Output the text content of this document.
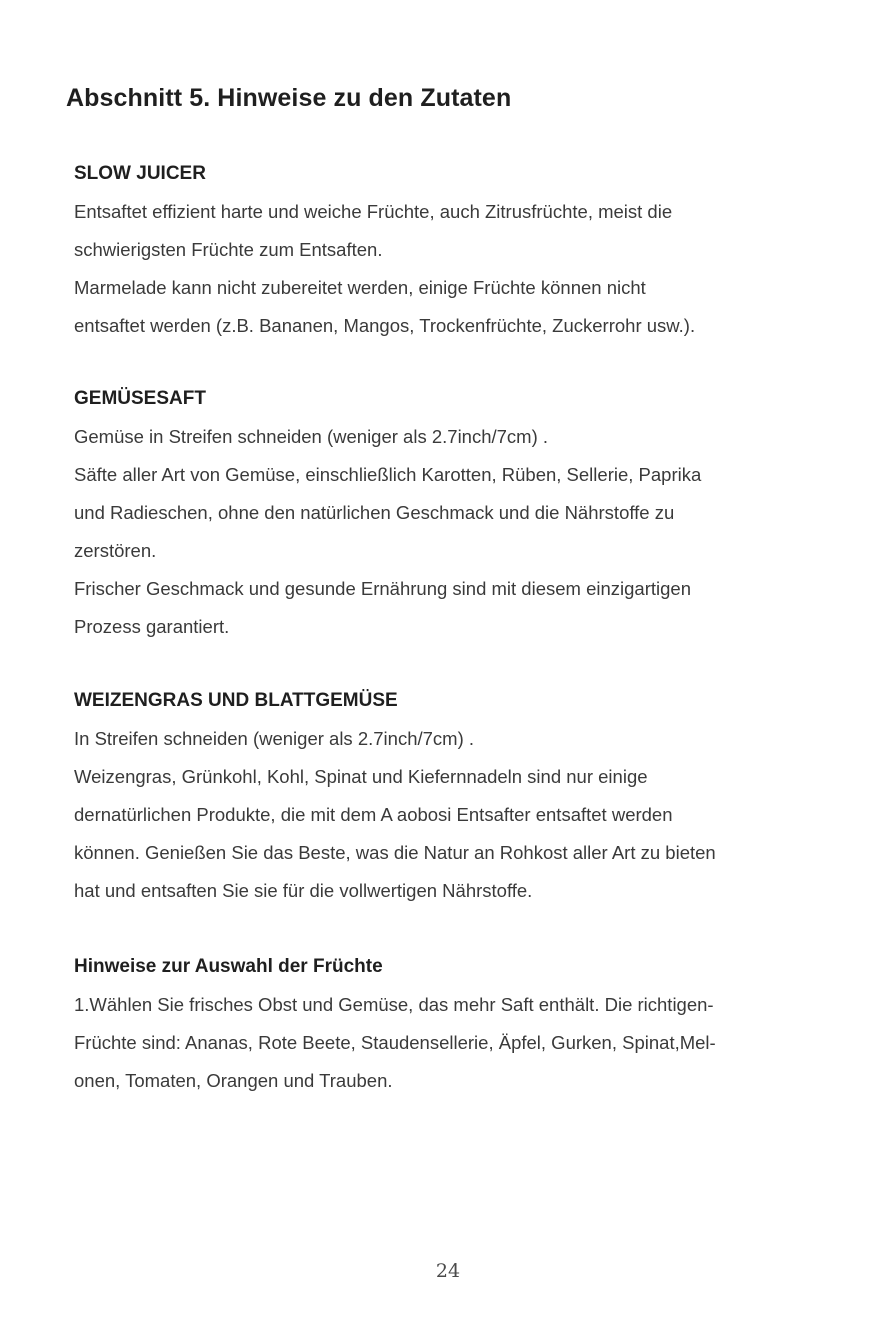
Abschnitt 5. Hinweise zu den Zutaten
SLOW JUICER
Entsaftet effizient harte und weiche Früchte, auch Zitrusfrüchte, meist die
schwierigsten Früchte zum Entsaften.
Marmelade kann nicht zubereitet werden, einige Früchte können nicht
entsaftet werden (z.B. Bananen, Mangos, Trockenfrüchte, Zuckerrohr usw.).
GEMÜSESAFT
Gemüse in Streifen schneiden (weniger als 2.7inch/7cm) .
Säfte aller Art von Gemüse, einschließlich Karotten, Rüben, Sellerie, Paprika
und Radieschen, ohne den natürlichen Geschmack und die Nährstoffe zu
zerstören.
Frischer Geschmack und gesunde Ernährung sind mit diesem einzigartigen
Prozess garantiert.
WEIZENGRAS UND BLATTGEMÜSE
In Streifen schneiden (weniger als 2.7inch/7cm) .
Weizengras, Grünkohl, Kohl, Spinat und Kiefernnadeln sind nur einige
dernatürlichen Produkte, die mit dem A aobosi Entsafter entsaftet werden
können. Genießen Sie das Beste, was die Natur an Rohkost aller Art zu bieten
hat und entsaften Sie sie für die vollwertigen Nährstoffe.
Hinweise zur Auswahl der Früchte
1.Wählen Sie frisches Obst und Gemüse, das mehr Saft enthält. Die richtigen-
Früchte sind: Ananas, Rote Beete, Staudensellerie, Äpfel, Gurken, Spinat,Mel-
onen, Tomaten, Orangen und Trauben.
24
